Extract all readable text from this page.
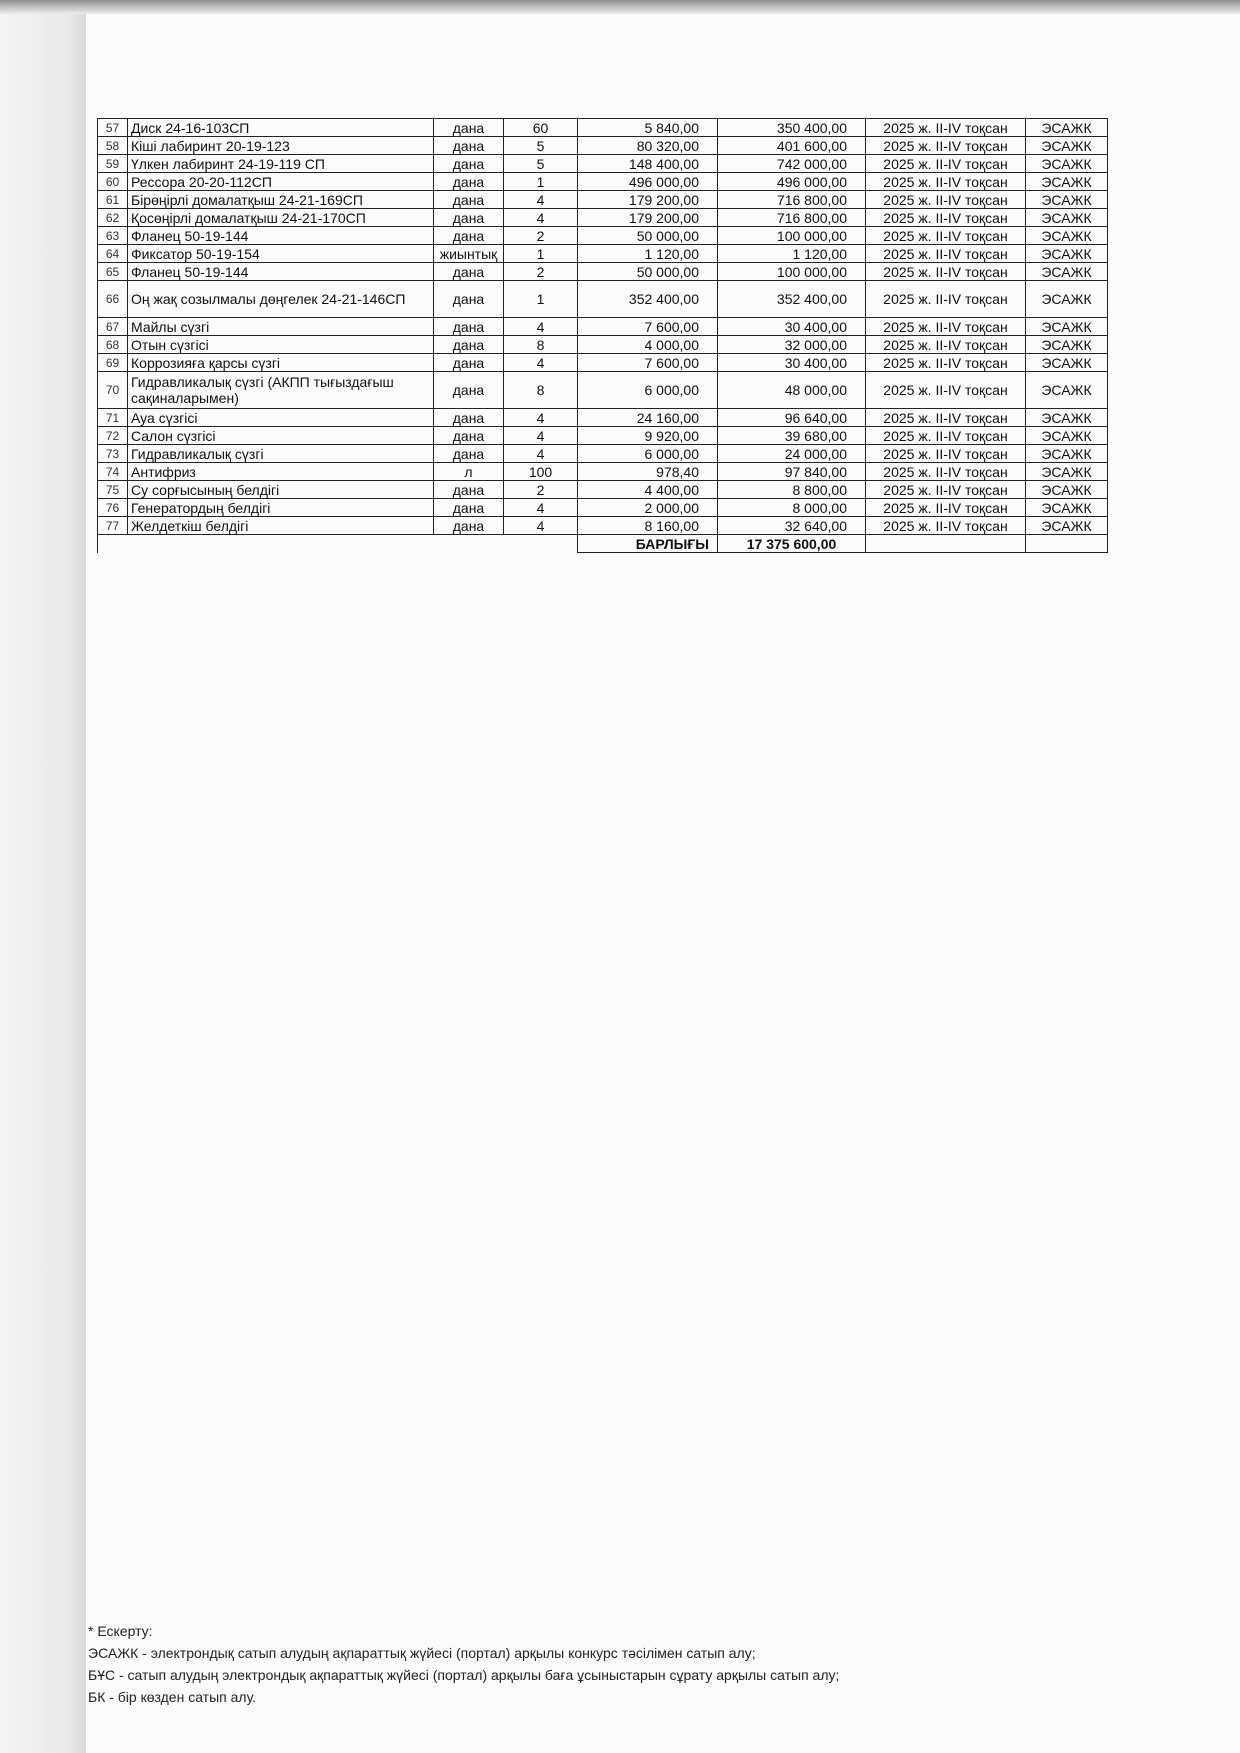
57	Диск 24-16-103СП	дана	60	5 840,00	350 400,00	2025 ж. II-IV тоқсан	ЭСАЖК
58	Кіші лабиринт 20-19-123	дана	5	80 320,00	401 600,00	2025 ж. II-IV тоқсан	ЭСАЖК
59	Үлкен лабиринт 24-19-119 СП	дана	5	148 400,00	742 000,00	2025 ж. II-IV тоқсан	ЭСАЖК
60	Рессора 20-20-112СП	дана	1	496 000,00	496 000,00	2025 ж. II-IV тоқсан	ЭСАЖК
61	Бірөңірлі домалатқыш 24-21-169СП	дана	4	179 200,00	716 800,00	2025 ж. II-IV тоқсан	ЭСАЖК
62	Қосөңірлі домалатқыш 24-21-170СП	дана	4	179 200,00	716 800,00	2025 ж. II-IV тоқсан	ЭСАЖК
63	Фланец 50-19-144	дана	2	50 000,00	100 000,00	2025 ж. II-IV тоқсан	ЭСАЖК
64	Фиксатор 50-19-154	жиынтық	1	1 120,00	1 120,00	2025 ж. II-IV тоқсан	ЭСАЖК
65	Фланец 50-19-144	дана	2	50 000,00	100 000,00	2025 ж. II-IV тоқсан	ЭСАЖК
66	Оң жақ созылмалы дөңгелек 24-21-146СП	дана	1	352 400,00	352 400,00	2025 ж. II-IV тоқсан	ЭСАЖК
67	Майлы сүзгі	дана	4	7 600,00	30 400,00	2025 ж. II-IV тоқсан	ЭСАЖК
68	Отын сүзгісі	дана	8	4 000,00	32 000,00	2025 ж. II-IV тоқсан	ЭСАЖК
69	Коррозияға қарсы сүзгі	дана	4	7 600,00	30 400,00	2025 ж. II-IV тоқсан	ЭСАЖК
70	Гидравликалық сүзгі (АКПП тығыздағыш сақиналарымен)	дана	8	6 000,00	48 000,00	2025 ж. II-IV тоқсан	ЭСАЖК
71	Ауа сүзгісі	дана	4	24 160,00	96 640,00	2025 ж. II-IV тоқсан	ЭСАЖК
72	Салон сүзгісі	дана	4	9 920,00	39 680,00	2025 ж. II-IV тоқсан	ЭСАЖК
73	Гидравликалық сүзгі	дана	4	6 000,00	24 000,00	2025 ж. II-IV тоқсан	ЭСАЖК
74	Антифриз	л	100	978,40	97 840,00	2025 ж. II-IV тоқсан	ЭСАЖК
75	Су сорғысының белдігі	дана	2	4 400,00	8 800,00	2025 ж. II-IV тоқсан	ЭСАЖК
76	Генератордың белдігі	дана	4	2 000,00	8 000,00	2025 ж. II-IV тоқсан	ЭСАЖК
77	Желдеткіш белдігі	дана	4	8 160,00	32 640,00	2025 ж. II-IV тоқсан	ЭСАЖК
				БАРЛЫҒЫ	17 375 600,00		
* Ескерту:
ЭСАЖК - электрондық сатып алудың ақпараттық жүйесі (портал) арқылы конкурс тәсілімен сатып алу;
БҰС - сатып алудың электрондық ақпараттық жүйесі (портал) арқылы баға ұсыныстарын сұрату арқылы сатып алу;
БК - бір көзден сатып алу.
